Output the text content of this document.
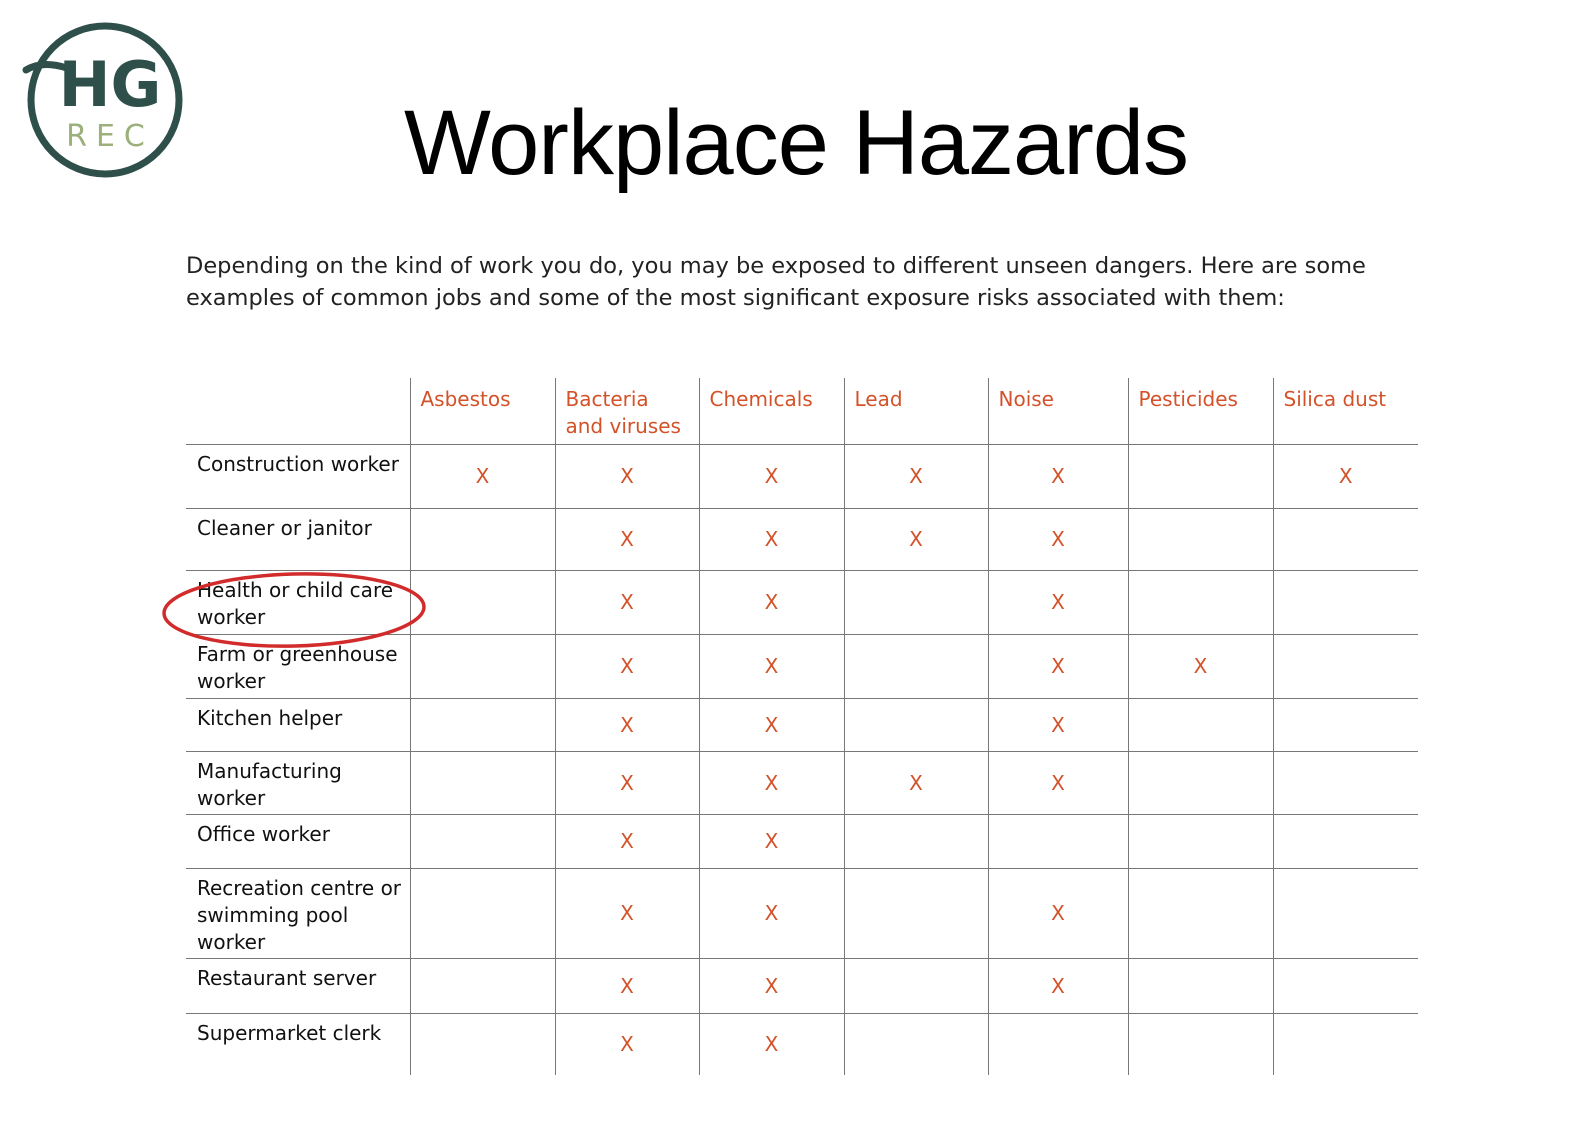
HG
REC	Workplace Hazards
Depending on the kind of work you do, you may be exposed to different unseen dangers. Here are some examples of common jobs and some of the most significant exposure risks associated with them:
	Asbestos	Bacteria and viruses	Chemicals	Lead	Noise	Pesticides	Silica dust
Construction worker	X	X	X	X	X		X
Cleaner or janitor		X	X	X	X		
Health or child care worker		X	X		X		
Farm or greenhouse worker		X	X		X	X	
Kitchen helper		X	X		X		
Manufacturing worker		X	X	X	X		
Office worker		X	X				
Recreation centre or swimming pool worker		X	X		X		
Restaurant server		X	X		X		
Supermarket clerk		X	X				
